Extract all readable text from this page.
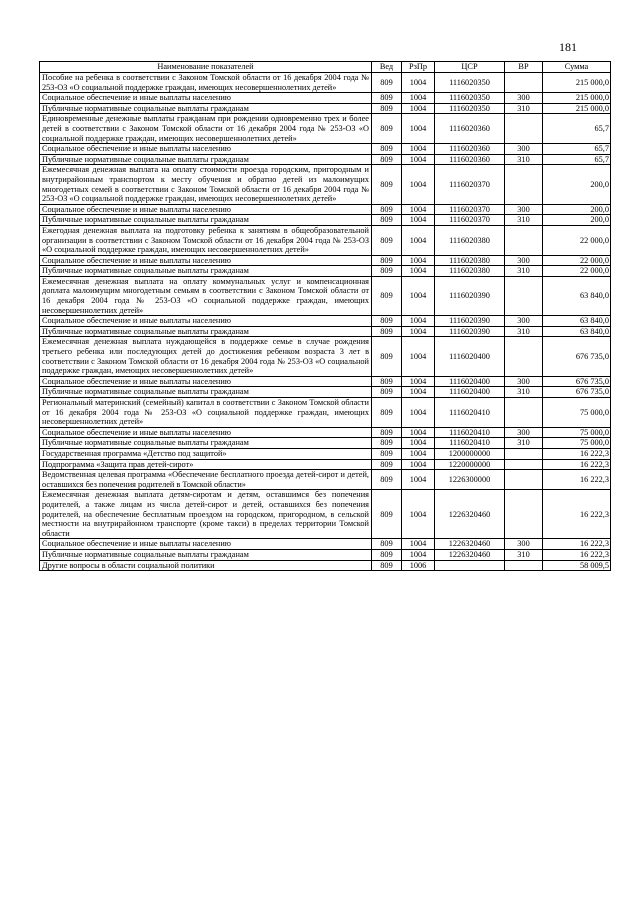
181
Наименование показателей	Вед	РзПр	ЦСР	ВР	Сумма
Пособие на ребенка в соответствии с Законом Томской области от 16 декабря 2004 года № 253-ОЗ «О социальной поддержке граждан, имеющих несовершеннолетних детей»	809	1004	1116020350		215 000,0
Социальное обеспечение и иные выплаты населению	809	1004	1116020350	300	215 000,0
Публичные нормативные социальные выплаты гражданам	809	1004	1116020350	310	215 000,0
Единовременные денежные выплаты гражданам при рождении одновременно трех и более детей в соответствии с Законом Томской области от 16 декабря 2004 года № 253-ОЗ «О социальной поддержке граждан, имеющих несовершеннолетних детей»	809	1004	1116020360		65,7
Социальное обеспечение и иные выплаты населению	809	1004	1116020360	300	65,7
Публичные нормативные социальные выплаты гражданам	809	1004	1116020360	310	65,7
Ежемесячная денежная выплата на оплату стоимости проезда городским, пригородным и внутрирайонным транспортом к месту обучения и обратно детей из малоимущих многодетных семей в соответствии с Законом Томской области от 16 декабря 2004 года № 253-ОЗ «О социальной поддержке граждан, имеющих несовершеннолетних детей»	809	1004	1116020370		200,0
Социальное обеспечение и иные выплаты населению	809	1004	1116020370	300	200,0
Публичные нормативные социальные выплаты гражданам	809	1004	1116020370	310	200,0
Ежегодная денежная выплата на подготовку ребенка к занятиям в общеобразовательной организации в соответствии с Законом Томской области от 16 декабря 2004 года № 253-ОЗ «О социальной поддержке граждан, имеющих несовершеннолетних детей»	809	1004	1116020380		22 000,0
Социальное обеспечение и иные выплаты населению	809	1004	1116020380	300	22 000,0
Публичные нормативные социальные выплаты гражданам	809	1004	1116020380	310	22 000,0
Ежемесячная денежная выплата на оплату коммунальных услуг и компенсационная доплата малоимущим многодетным семьям в соответствии с Законом Томской области от 16 декабря 2004 года № 253-ОЗ «О социальной поддержке граждан, имеющих несовершеннолетних детей»	809	1004	1116020390		63 840,0
Социальное обеспечение и иные выплаты населению	809	1004	1116020390	300	63 840,0
Публичные нормативные социальные выплаты гражданам	809	1004	1116020390	310	63 840,0
Ежемесячная денежная выплата нуждающейся в поддержке семье в случае рождения третьего ребенка или последующих детей до достижения ребенком возраста 3 лет в соответствии с Законом Томской области от 16 декабря 2004 года № 253-ОЗ «О социальной поддержке граждан, имеющих несовершеннолетних детей»	809	1004	1116020400		676 735,0
Социальное обеспечение и иные выплаты населению	809	1004	1116020400	300	676 735,0
Публичные нормативные социальные выплаты гражданам	809	1004	1116020400	310	676 735,0
Региональный материнский (семейный) капитал в соответствии с Законом Томской области от 16 декабря 2004 года № 253-ОЗ «О социальной поддержке граждан, имеющих несовершеннолетних детей»	809	1004	1116020410		75 000,0
Социальное обеспечение и иные выплаты населению	809	1004	1116020410	300	75 000,0
Публичные нормативные социальные выплаты гражданам	809	1004	1116020410	310	75 000,0
Государственная программа «Детство под защитой»	809	1004	1200000000		16 222,3
Подпрограмма «Защита прав детей-сирот»	809	1004	1220000000		16 222,3
Ведомственная целевая программа «Обеспечение бесплатного проезда детей-сирот и детей, оставшихся без попечения родителей в Томской области»	809	1004	1226300000		16 222,3
Ежемесячная денежная выплата детям-сиротам и детям, оставшимся без попечения родителей, а также лицам из числа детей-сирот и детей, оставшихся без попечения родителей, на обеспечение бесплатным проездом на городском, пригородном, в сельской местности на внутрирайонном транспорте (кроме такси) в пределах территории Томской области	809	1004	1226320460		16 222,3
Социальное обеспечение и иные выплаты населению	809	1004	1226320460	300	16 222,3
Публичные нормативные социальные выплаты гражданам	809	1004	1226320460	310	16 222,3
Другие вопросы в области социальной политики	809	1006			58 009,5
